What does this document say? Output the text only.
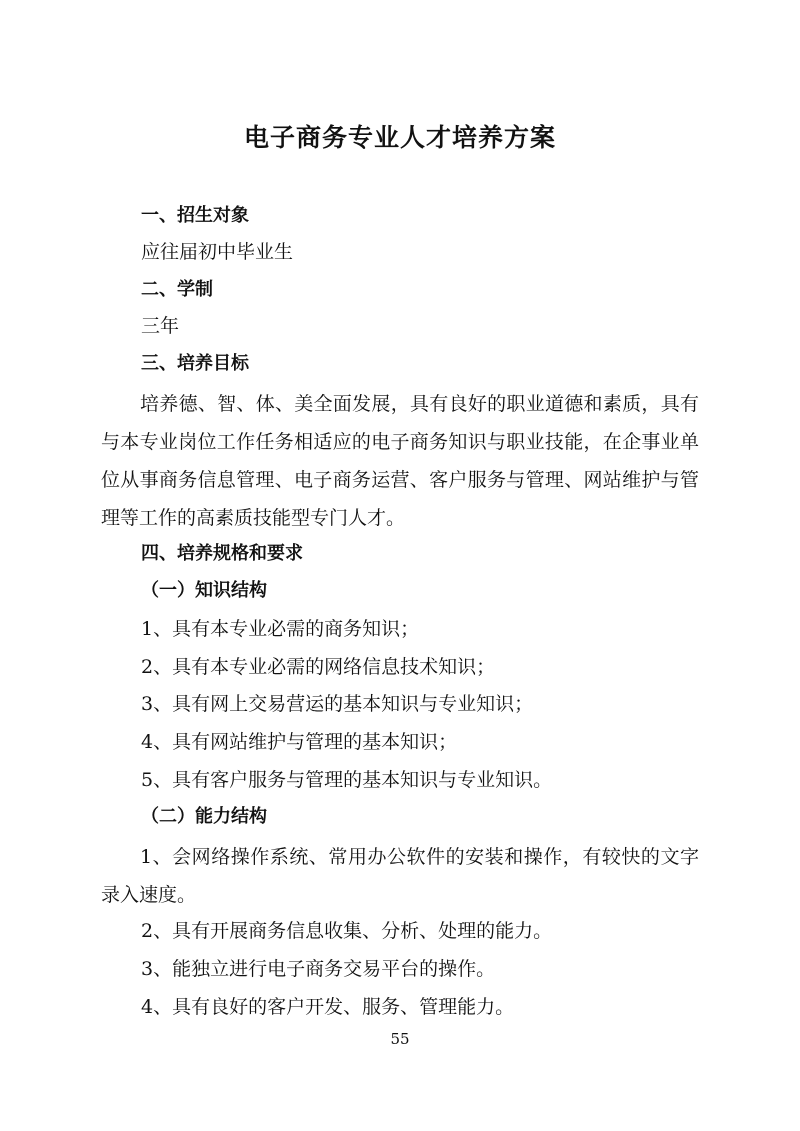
电子商务专业人才培养方案
一、招生对象
应往届初中毕业生
二、学制
三年
三、培养目标
培养德、智、体、美全面发展，具有良好的职业道德和素质，具有与本专业岗位工作任务相适应的电子商务知识与职业技能，在企事业单位从事商务信息管理、电子商务运营、客户服务与管理、网站维护与管理等工作的高素质技能型专门人才。
四、培养规格和要求
（一）知识结构
1、具有本专业必需的商务知识；
2、具有本专业必需的网络信息技术知识；
3、具有网上交易营运的基本知识与专业知识；
4、具有网站维护与管理的基本知识；
5、具有客户服务与管理的基本知识与专业知识。
（二）能力结构
1、会网络操作系统、常用办公软件的安装和操作，有较快的文字录入速度。
2、具有开展商务信息收集、分析、处理的能力。
3、能独立进行电子商务交易平台的操作。
4、具有良好的客户开发、服务、管理能力。
55
